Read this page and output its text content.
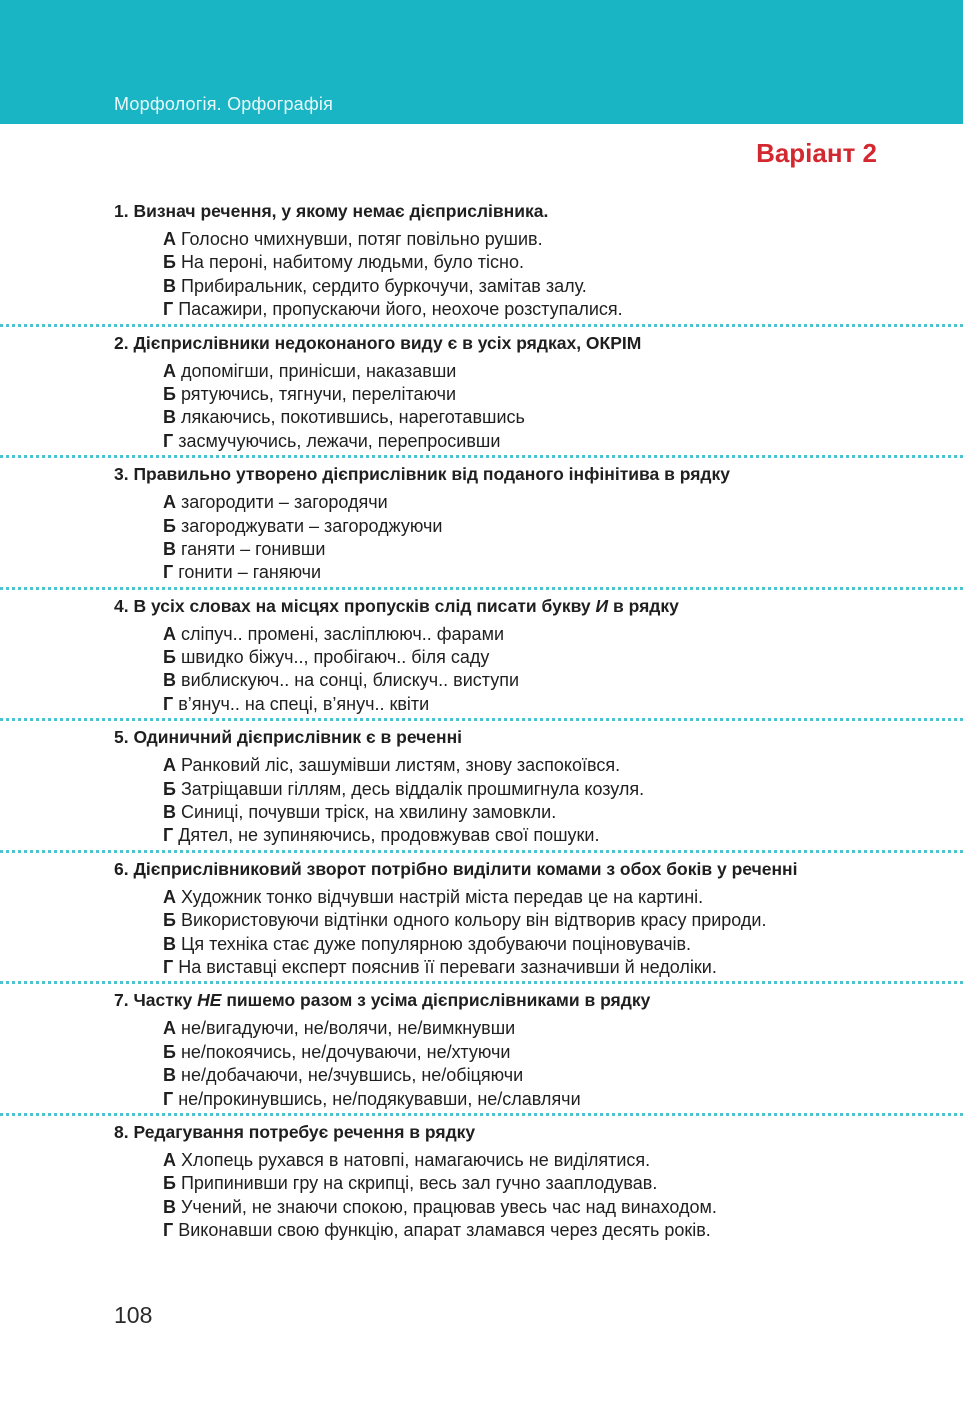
Морфологія. Орфографія
Варіант 2
1. Визнач речення, у якому немає дієприслівника.
А Голосно чмихнувши, потяг повільно рушив.
Б На пероні, набитому людьми, було тісно.
В Прибиральник, сердито буркочучи, замітав залу.
Г Пасажири, пропускаючи його, неохоче розступалися.
2. Дієприслівники недоконаного виду є в усіх рядках, ОКРІМ
А допомігши, принісши, наказавши
Б рятуючись, тягнучи, перелітаючи
В лякаючись, покотившись, нареготавшись
Г засмучуючись, лежачи, перепросивши
3. Правильно утворено дієприслівник від поданого інфінітива в рядку
А загородити – загородячи
Б загороджувати – загороджуючи
В ганяти – гонивши
Г гонити – ганяючи
4. В усіх словах на місцях пропусків слід писати букву И в рядку
А сліпуч.. промені, засліплююч.. фарами
Б швидко біжуч.., пробігаюч.. біля саду
В виблискуюч.. на сонці, блискуч.. виступи
Г в’януч.. на спеці, в’януч.. квіти
5. Одиничний дієприслівник є в реченні
А Ранковий ліс, зашумівши листям, знову заспокоївся.
Б Затріщавши гіллям, десь віддалік прошмигнула козуля.
В Синиці, почувши тріск, на хвилину замовкли.
Г Дятел, не зупиняючись, продовжував свої пошуки.
6. Дієприслівниковий зворот потрібно виділити комами з обох боків у реченні
А Художник тонко відчувши настрій міста передав це на картині.
Б Використовуючи відтінки одного кольору він відтворив красу природи.
В Ця техніка стає дуже популярною здобуваючи поціновувачів.
Г На виставці експерт пояснив її переваги зазначивши й недоліки.
7. Частку НЕ пишемо разом з усіма дієприслівниками в рядку
А не/вигадуючи, не/волячи, не/вимкнувши
Б не/покоячись, не/дочуваючи, не/хтуючи
В не/добачаючи, не/зчувшись, не/обіцяючи
Г не/прокинувшись, не/подякувавши, не/славлячи
8. Редагування потребує речення в рядку
А Хлопець рухався в натовпі, намагаючись не виділятися.
Б Припинивши гру на скрипці, весь зал гучно зааплодував.
В Учений, не знаючи спокою, працював увесь час над винаходом.
Г Виконавши свою функцію, апарат зламався через десять років.
108
